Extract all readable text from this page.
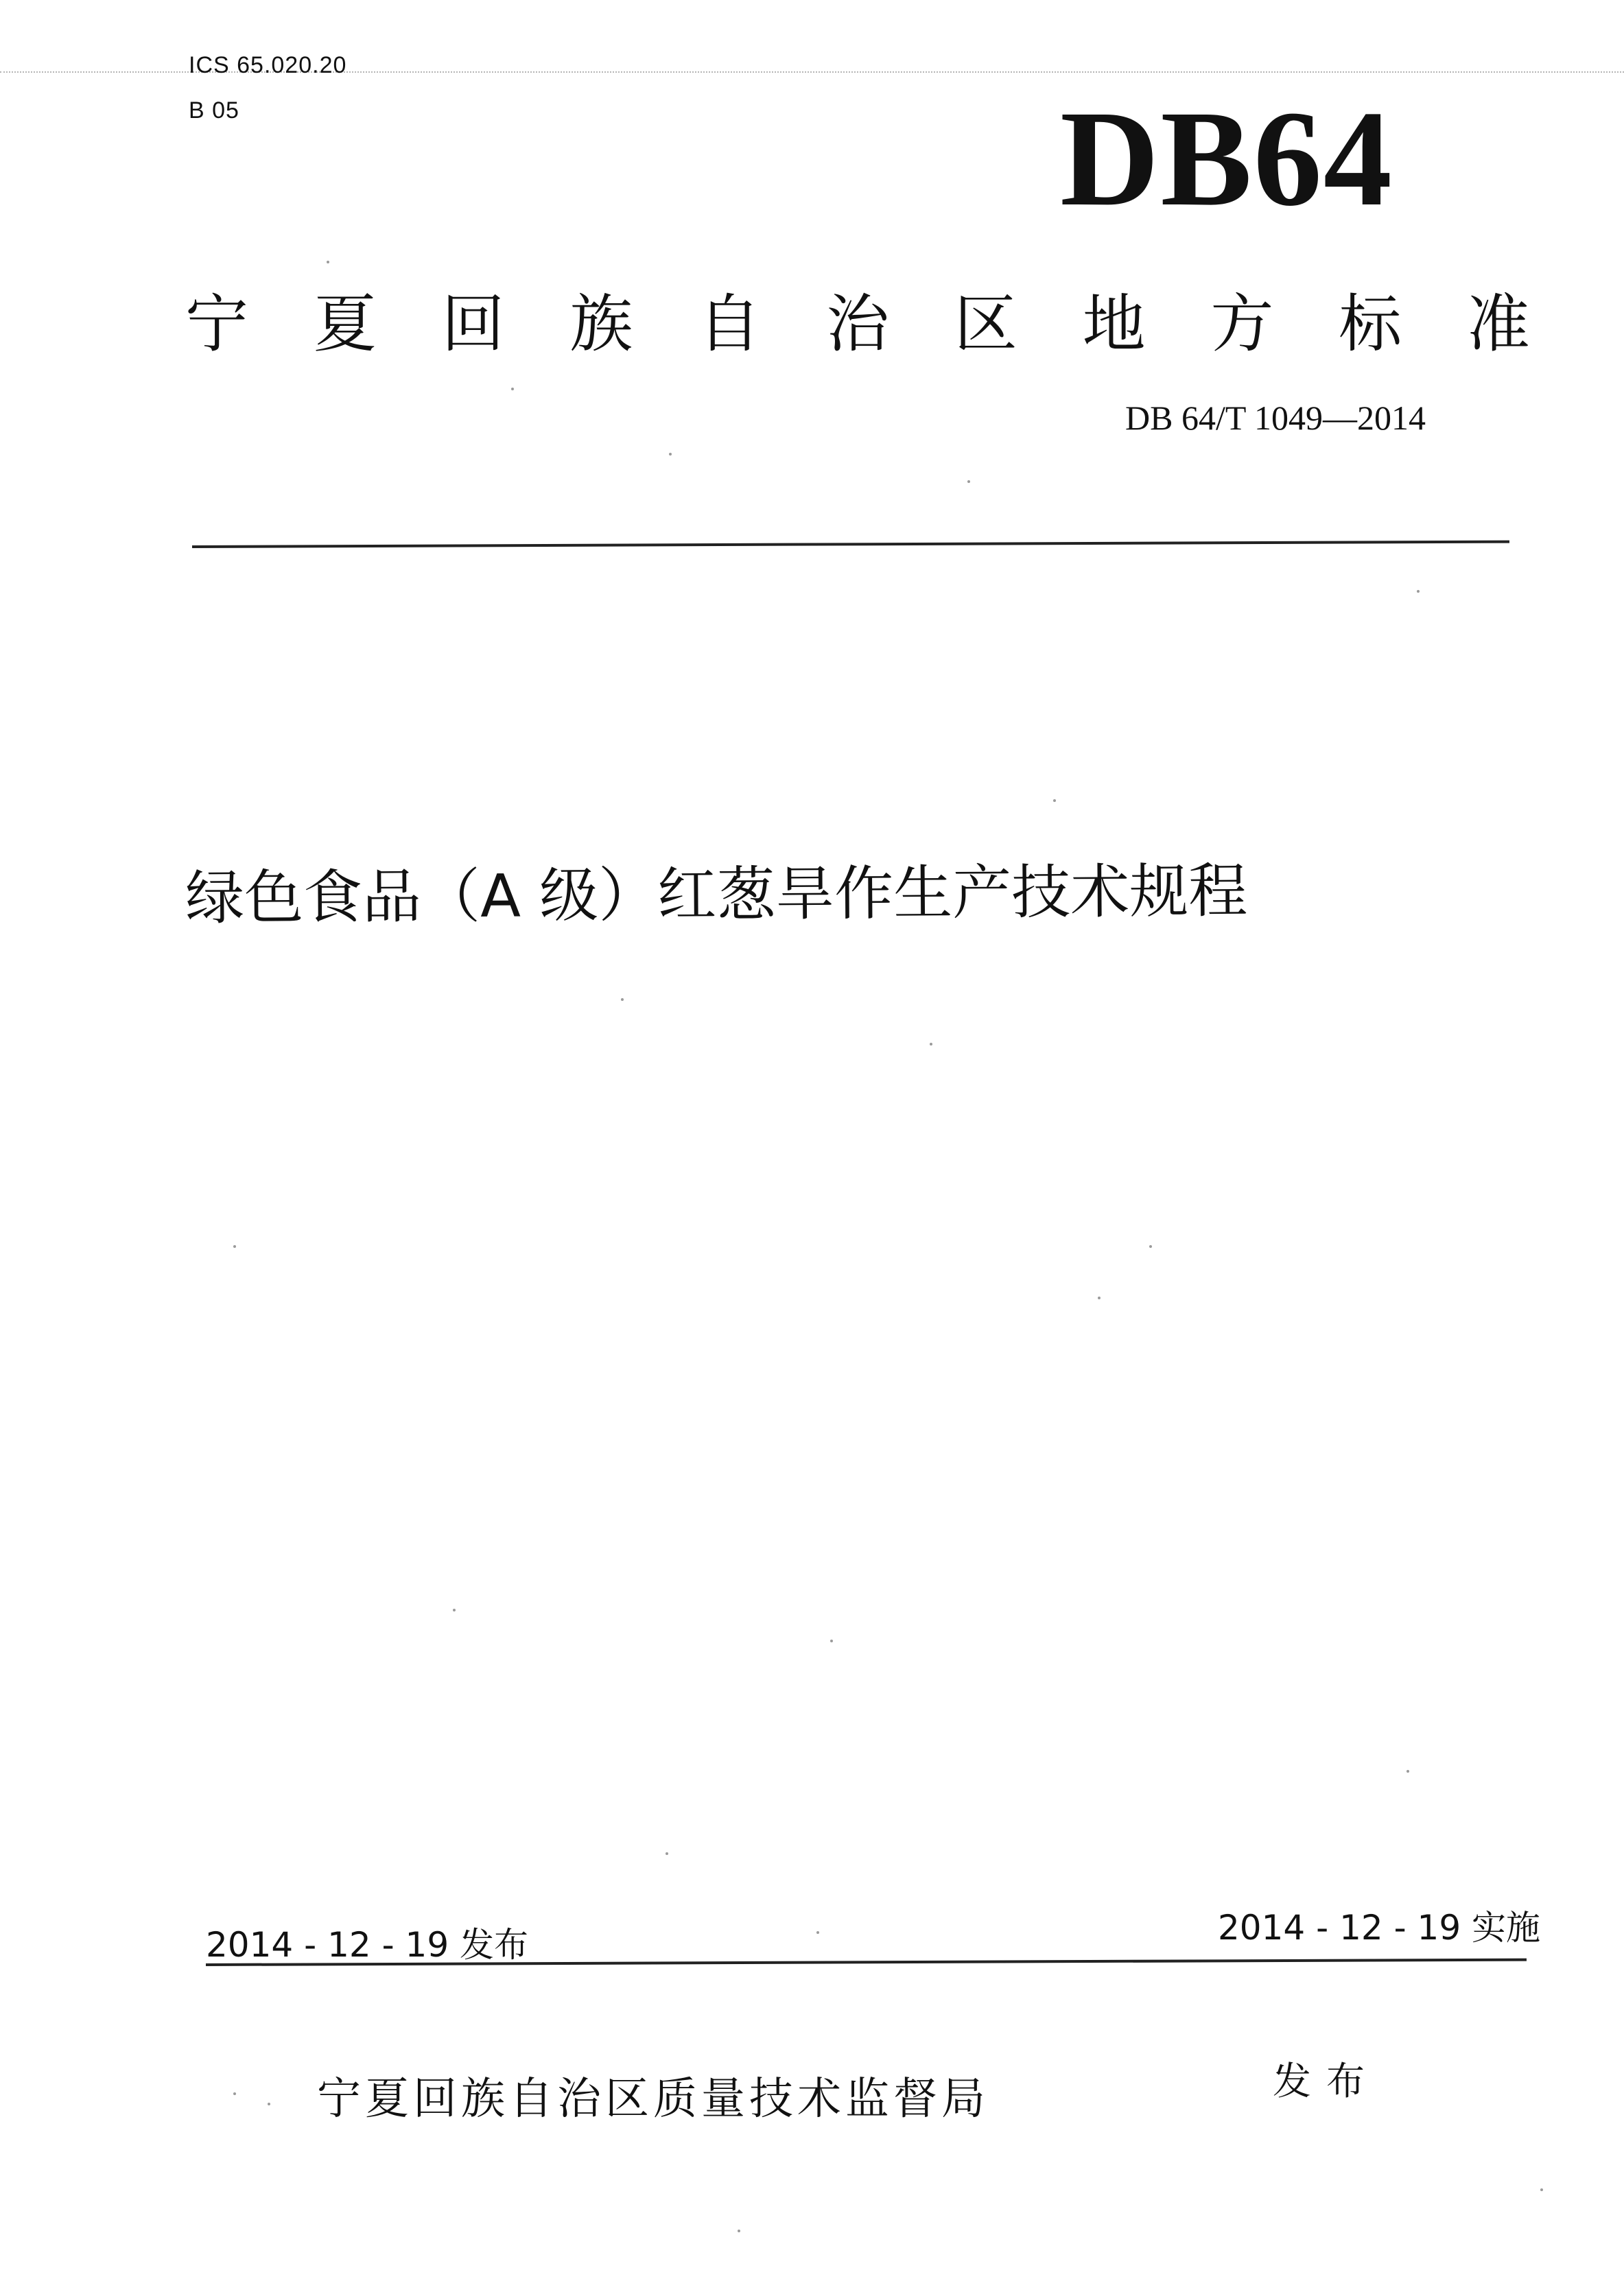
ICS 65.020.20
B 05	DB64
宁 夏 回 族 自 治 区 地 方 标 准
DB 64/T 1049—2014
绿色食品（A 级）红葱旱作生产技术规程
2014 - 12 - 19 发布	2014 - 12 - 19 实施
宁夏回族自治区质量技术监督局	发布
